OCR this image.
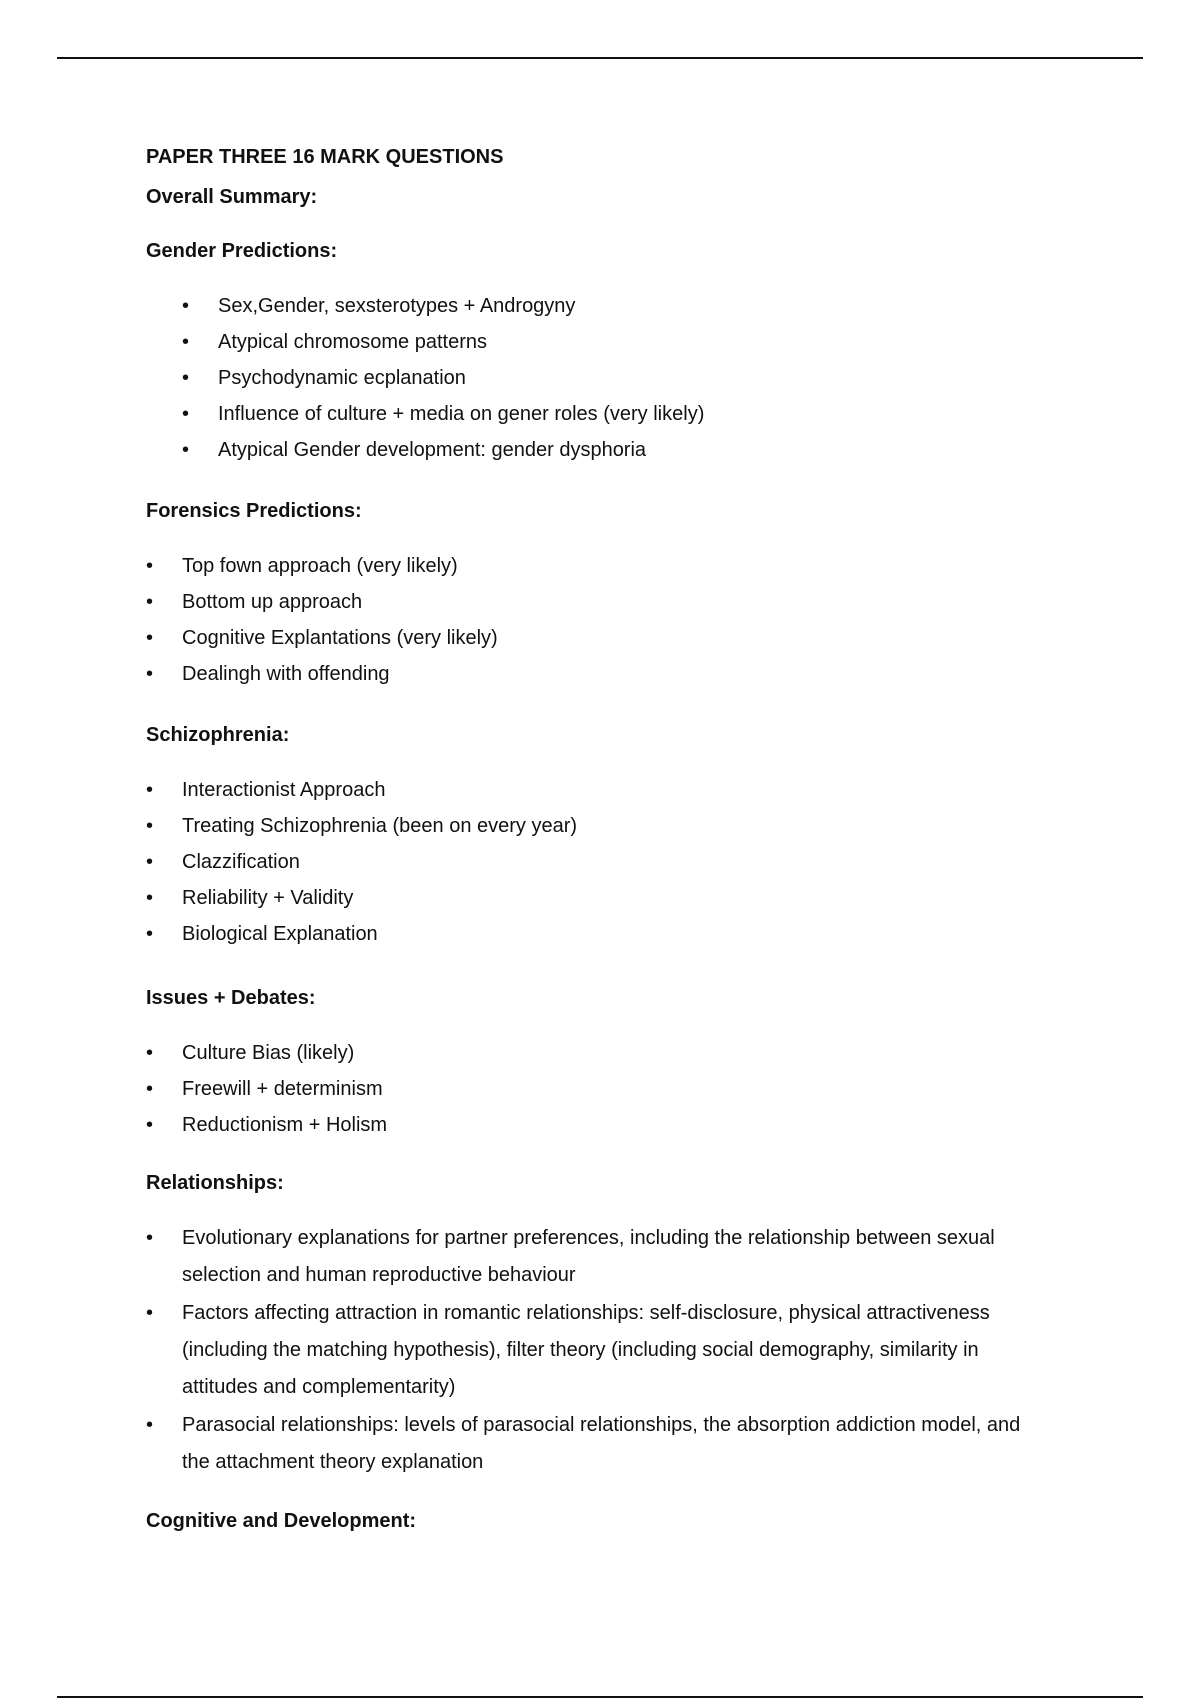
PAPER THREE 16 MARK QUESTIONS
Overall Summary:
Gender Predictions:
• Sex,Gender, sexsterotypes + Androgyny
• Atypical chromosome patterns
• Psychodynamic ecplanation
• Influence of culture + media on gener roles (very likely)
• Atypical Gender development: gender dysphoria
Forensics Predictions:
• Top fown approach (very likely)
• Bottom up approach
• Cognitive Explantations (very likely)
• Dealingh with offending
Schizophrenia:
• Interactionist Approach
• Treating Schizophrenia (been on every year)
• Clazzification
• Reliability + Validity
• Biological Explanation
Issues + Debates:
• Culture Bias (likely)
• Freewill + determinism
• Reductionism + Holism
Relationships:
• Evolutionary explanations for partner preferences, including the relationship between sexual selection and human reproductive behaviour
• Factors affecting attraction in romantic relationships: self-disclosure, physical attractiveness (including the matching hypothesis), filter theory (including social demography, similarity in attitudes and complementarity)
• Parasocial relationships: levels of parasocial relationships, the absorption addiction model, and the attachment theory explanation
Cognitive and Development:
